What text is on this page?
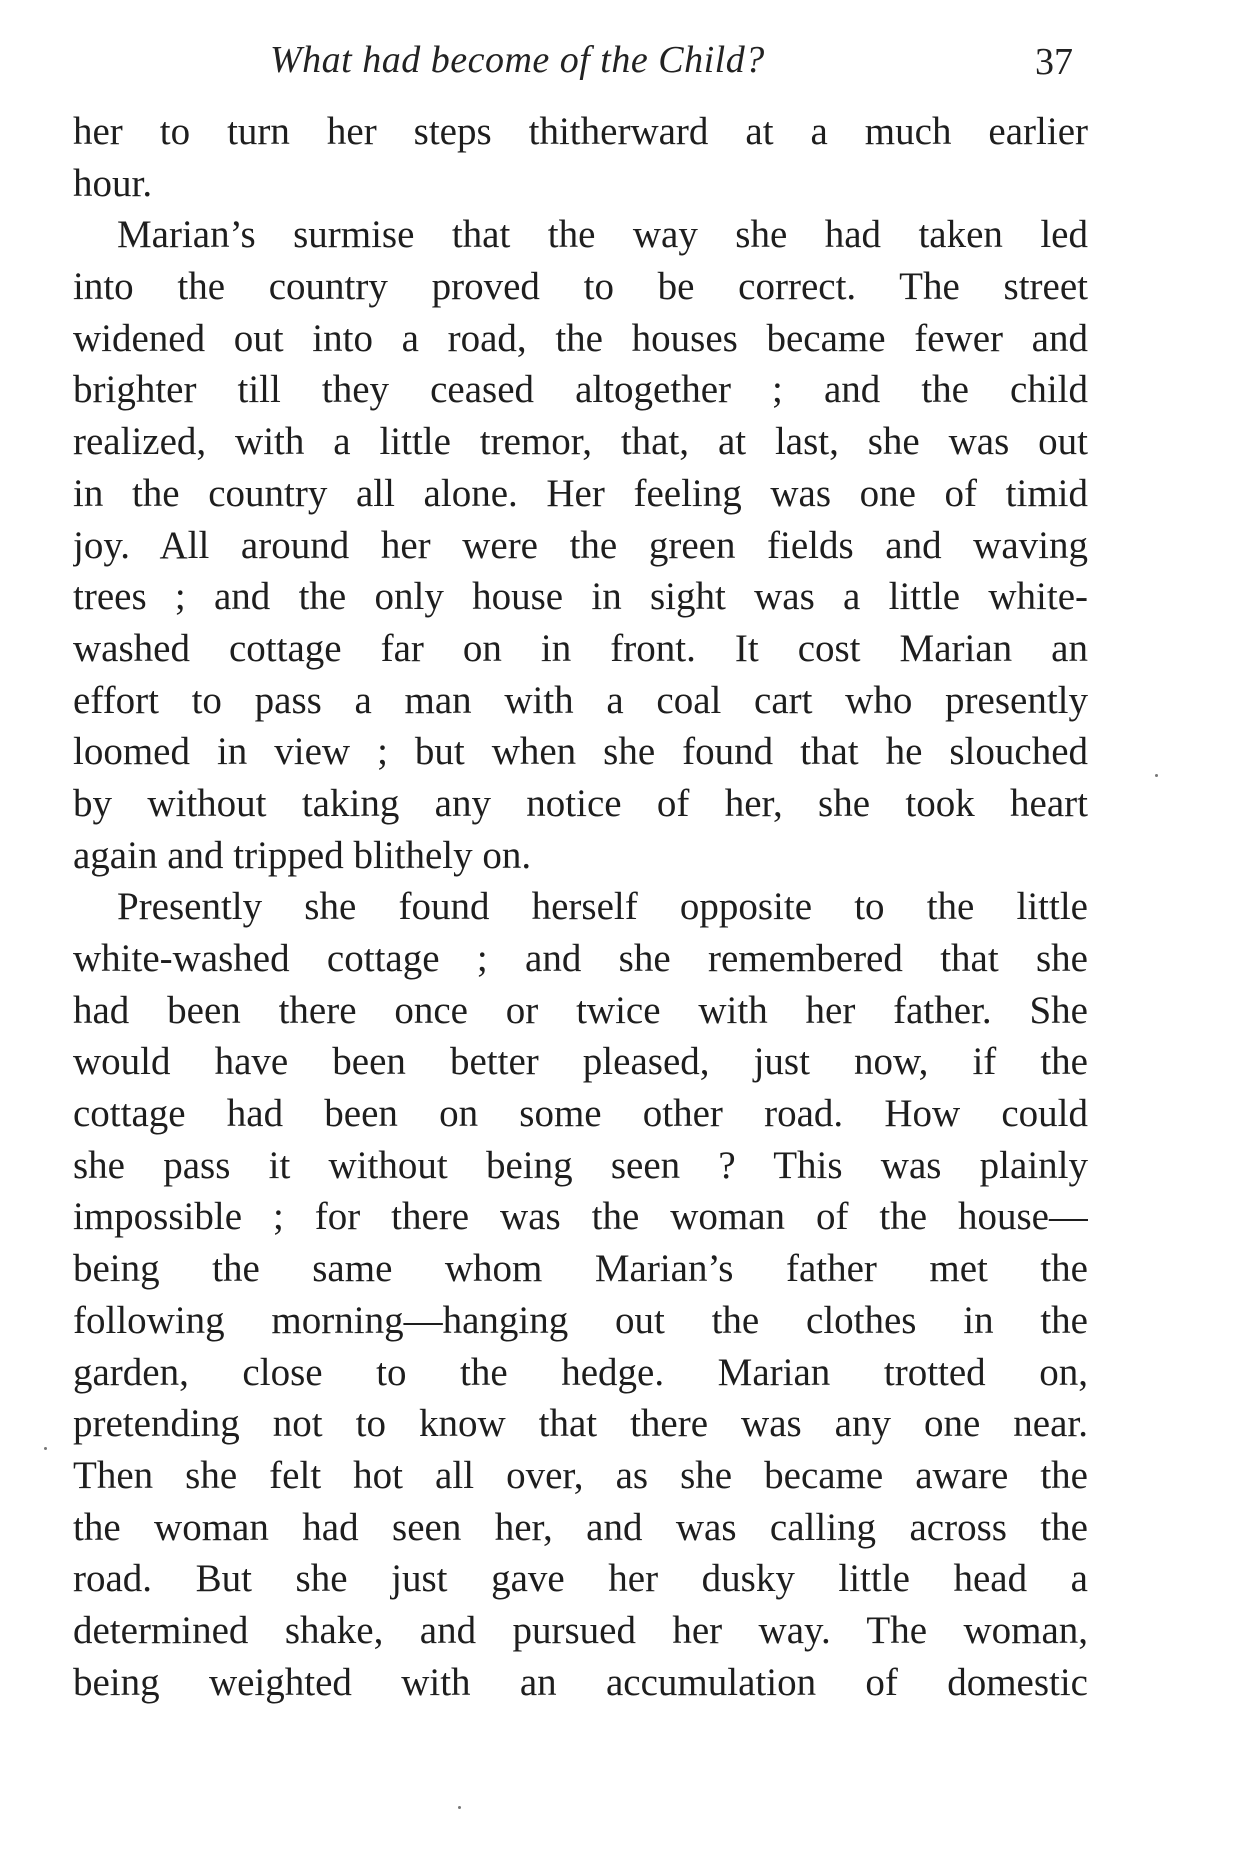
What had become of the Child?	37
her to turn her steps thitherward at a much earlier
hour.
Marian’s surmise that the way she had taken led
into the country proved to be correct. The street
widened out into a road, the houses became fewer and
brighter till they ceased altogether ; and the child
realized, with a little tremor, that, at last, she was out
in the country all alone. Her feeling was one of timid
joy. All around her were the green fields and waving
trees ; and the only house in sight was a little white-
washed cottage far on in front. It cost Marian an
effort to pass a man with a coal cart who presently
loomed in view ; but when she found that he slouched
by without taking any notice of her, she took heart
again and tripped blithely on.
Presently she found herself opposite to the little
white-washed cottage ; and she remembered that she
had been there once or twice with her father. She
would have been better pleased, just now, if the
cottage had been on some other road. How could
she pass it without being seen ? This was plainly
impossible ; for there was the woman of the house—
being the same whom Marian’s father met the
following morning—hanging out the clothes in the
garden, close to the hedge. Marian trotted on,
pretending not to know that there was any one near.
Then she felt hot all over, as she became aware the
the woman had seen her, and was calling across the
road. But she just gave her dusky little head a
determined shake, and pursued her way. The woman,
being weighted with an accumulation of domestic
